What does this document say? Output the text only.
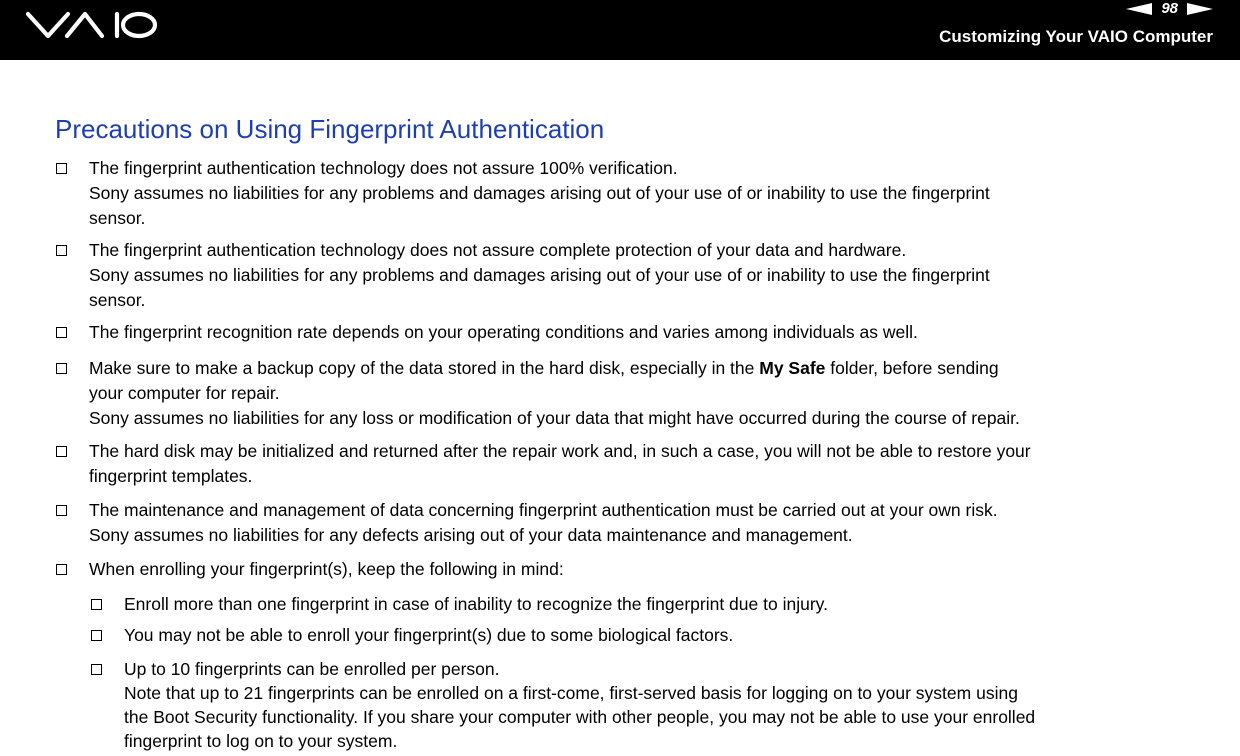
98
Customizing Your VAIO Computer
Precautions on Using Fingerprint Authentication
The fingerprint authentication technology does not assure 100% verification.
Sony assumes no liabilities for any problems and damages arising out of your use of or inability to use the fingerprint
sensor.
The fingerprint authentication technology does not assure complete protection of your data and hardware.
Sony assumes no liabilities for any problems and damages arising out of your use of or inability to use the fingerprint
sensor.
The fingerprint recognition rate depends on your operating conditions and varies among individuals as well.
Make sure to make a backup copy of the data stored in the hard disk, especially in the My Safe folder, before sending
your computer for repair.
Sony assumes no liabilities for any loss or modification of your data that might have occurred during the course of repair.
The hard disk may be initialized and returned after the repair work and, in such a case, you will not be able to restore your
fingerprint templates.
The maintenance and management of data concerning fingerprint authentication must be carried out at your own risk.
Sony assumes no liabilities for any defects arising out of your data maintenance and management.
When enrolling your fingerprint(s), keep the following in mind:
Enroll more than one fingerprint in case of inability to recognize the fingerprint due to injury.
You may not be able to enroll your fingerprint(s) due to some biological factors.
Up to 10 fingerprints can be enrolled per person.
Note that up to 21 fingerprints can be enrolled on a first-come, first-served basis for logging on to your system using
the Boot Security functionality. If you share your computer with other people, you may not be able to use your enrolled
fingerprint to log on to your system.
